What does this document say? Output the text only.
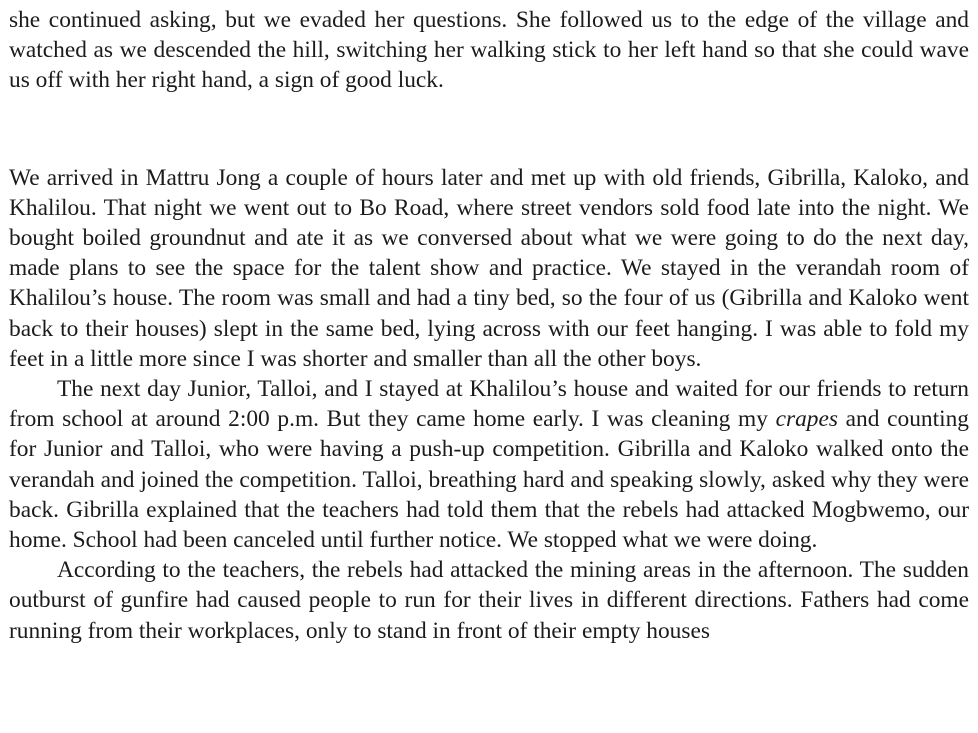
she continued asking, but we evaded her questions. She followed us to the edge of the village and watched as we descended the hill, switching her walking stick to her left hand so that she could wave us off with her right hand, a sign of good luck.

We arrived in Mattru Jong a couple of hours later and met up with old friends, Gibrilla, Kaloko, and Khalilou. That night we went out to Bo Road, where street vendors sold food late into the night. We bought boiled groundnut and ate it as we conversed about what we were going to do the next day, made plans to see the space for the talent show and practice. We stayed in the verandah room of Khalilou’s house. The room was small and had a tiny bed, so the four of us (Gibrilla and Kaloko went back to their houses) slept in the same bed, lying across with our feet hanging. I was able to fold my feet in a little more since I was shorter and smaller than all the other boys.

The next day Junior, Talloi, and I stayed at Khalilou’s house and waited for our friends to return from school at around 2:00 p.m. But they came home early. I was cleaning my crapes and counting for Junior and Talloi, who were having a push-up competition. Gibrilla and Kaloko walked onto the verandah and joined the competition. Talloi, breathing hard and speaking slowly, asked why they were back. Gibrilla explained that the teachers had told them that the rebels had attacked Mogbwemo, our home. School had been canceled until further notice. We stopped what we were doing.

According to the teachers, the rebels had attacked the mining areas in the afternoon. The sudden outburst of gunfire had caused people to run for their lives in different directions. Fathers had come running from their workplaces, only to stand in front of their empty houses
